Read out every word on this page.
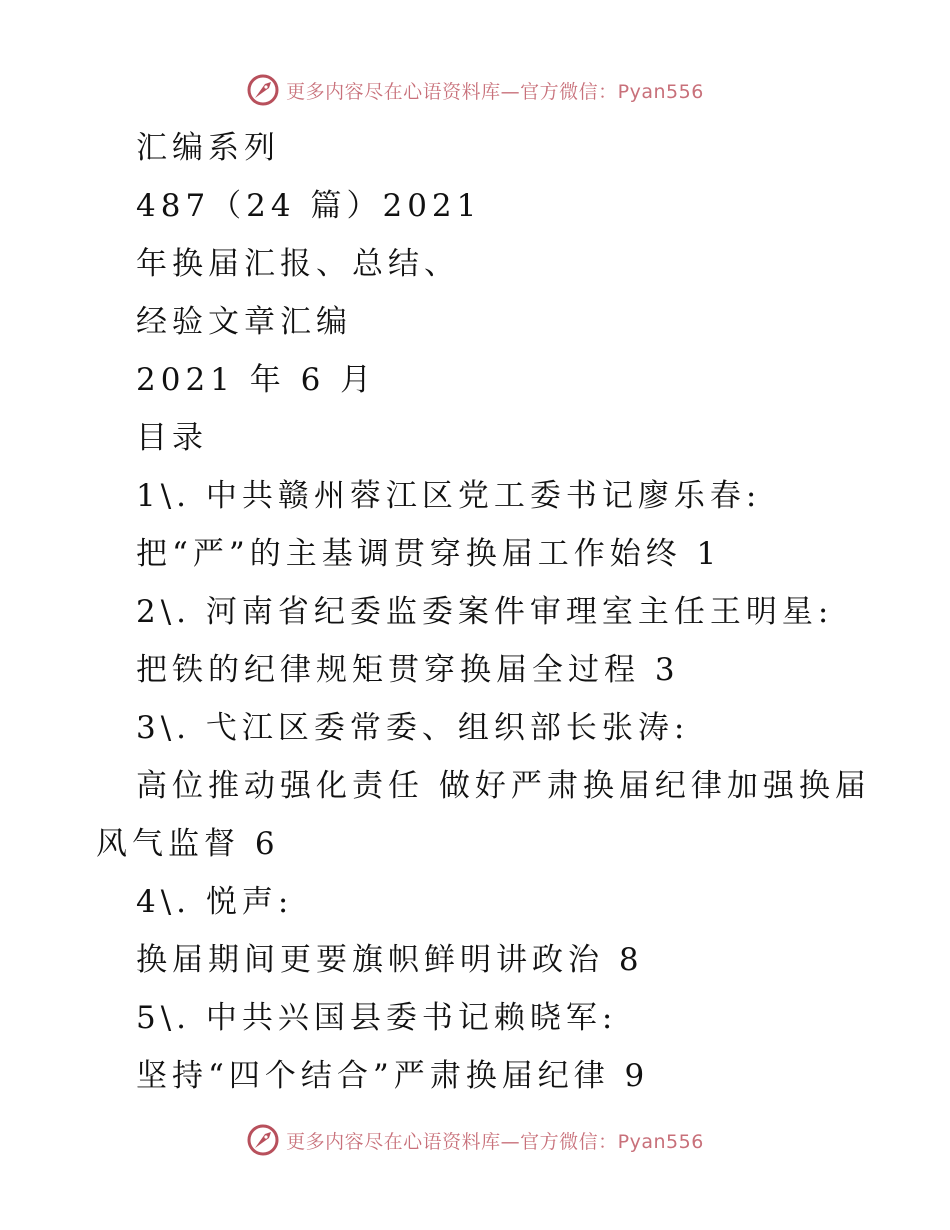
更多内容尽在心语资料库—官方微信：Pyan556
汇编系列
487（24 篇）2021
年换届汇报、总结、
经验文章汇编
2021 年 6 月
目录
1\. 中共赣州蓉江区党工委书记廖乐春:
把“严”的主基调贯穿换届工作始终 1
2\. 河南省纪委监委案件审理室主任王明星:
把铁的纪律规矩贯穿换届全过程 3
3\. 弋江区委常委、组织部长张涛:
高位推动强化责任 做好严肃换届纪律加强换届
风气监督 6
4\. 悦声:
换届期间更要旗帜鲜明讲政治 8
5\. 中共兴国县委书记赖晓军:
坚持“四个结合”严肃换届纪律 9
更多内容尽在心语资料库—官方微信：Pyan556
